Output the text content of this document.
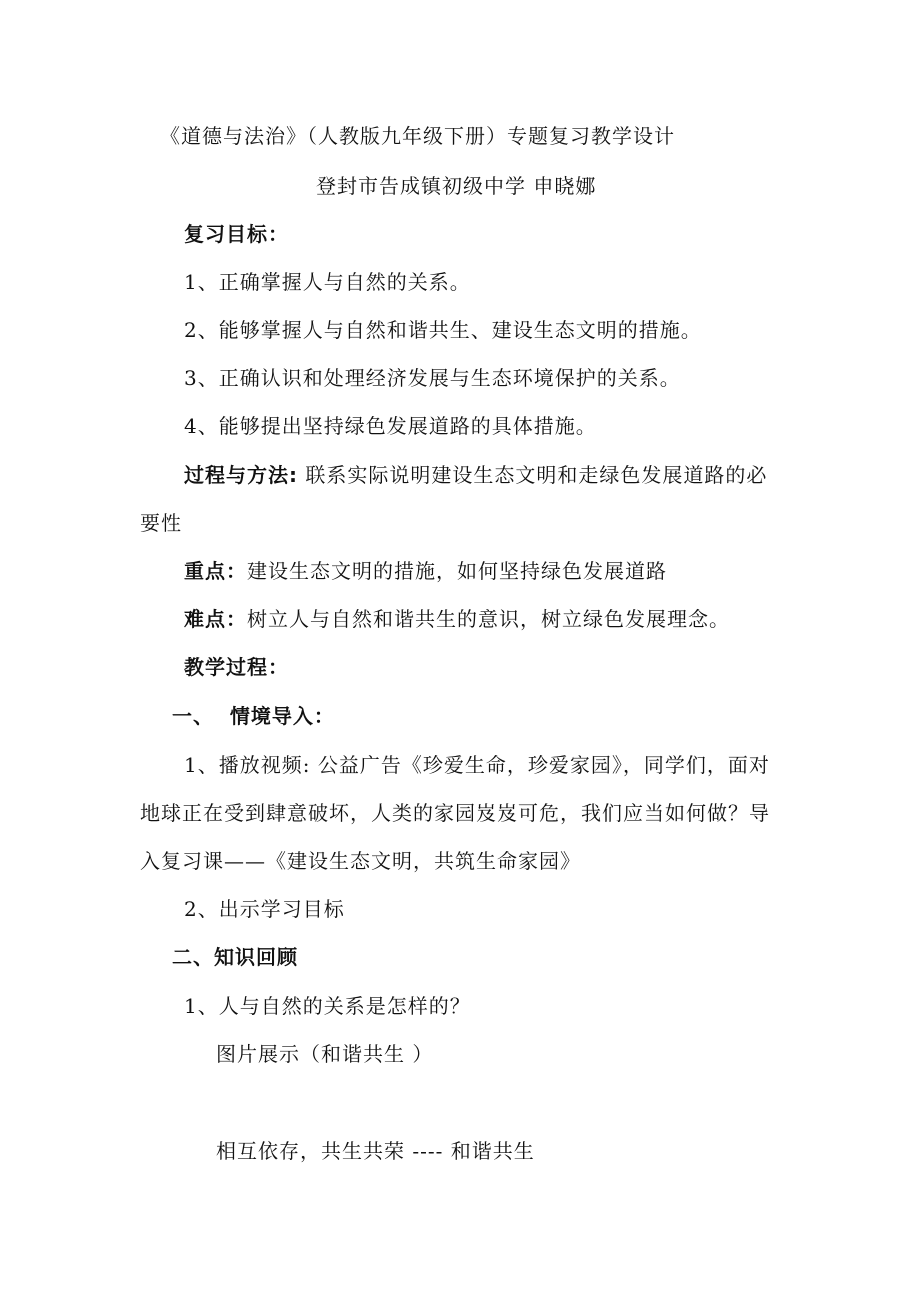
《道德与法治》（人教版九年级下册）专题复习教学设计
登封市告成镇初级中学 申晓娜
复习目标：
1、正确掌握人与自然的关系。
2、能够掌握人与自然和谐共生、建设生态文明的措施。
3、正确认识和处理经济发展与生态环境保护的关系。
4、能够提出坚持绿色发展道路的具体措施。
过程与方法: 联系实际说明建设生态文明和走绿色发展道路的必
要性
重点：建设生态文明的措施，如何坚持绿色发展道路
难点：树立人与自然和谐共生的意识，树立绿色发展理念。
教学过程：
一、  情境导入：
1、播放视频: 公益广告《珍爱生命，珍爱家园》，同学们，面对
地球正在受到肆意破坏，人类的家园岌岌可危，我们应当如何做？导
入复习课——《建设生态文明，共筑生命家园》
2、出示学习目标
二、知识回顾
1、人与自然的关系是怎样的？
图片展示（和谐共生 ）
相互依存，共生共荣 ---- 和谐共生
